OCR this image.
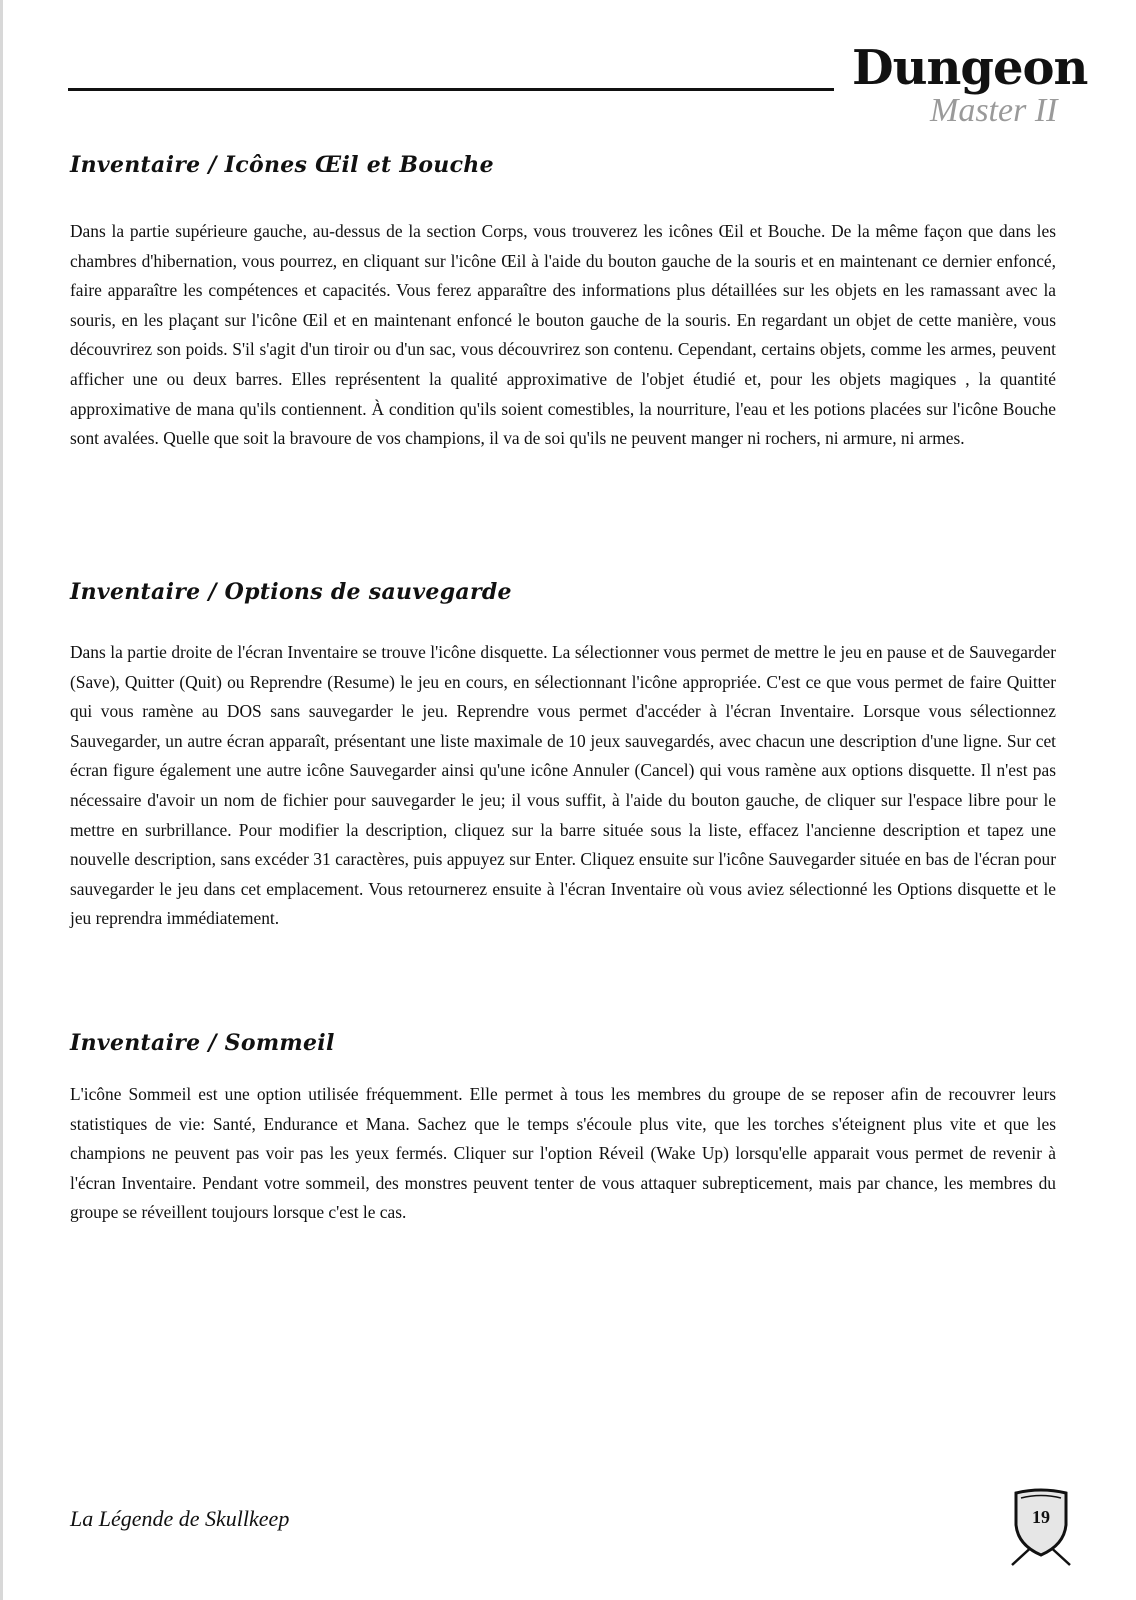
Dungeon
Master II
Inventaire / Icônes Œil et Bouche

Dans la partie supérieure gauche, au-dessus de la section Corps, vous trouverez les icônes Œil et Bouche. De la même façon que dans les chambres d'hibernation, vous pourrez, en cliquant sur l'icône Œil à l'aide du bouton gauche de la souris et en maintenant ce dernier enfoncé, faire apparaître les compétences et capacités. Vous ferez apparaître des informations plus détaillées sur les objets en les ramassant avec la souris, en les plaçant sur l'icône Œil et en maintenant enfoncé le bouton gauche de la souris. En regardant un objet de cette manière, vous découvrirez son poids. S'il s'agit d'un tiroir ou d'un sac, vous découvrirez son contenu. Cependant, certains objets, comme les armes, peuvent afficher une ou deux barres. Elles représentent la qualité approximative de l'objet étudié et, pour les objets magiques , la quantité approximative de mana qu'ils contiennent. À condition qu'ils soient comestibles, la nourriture, l'eau et les potions placées sur l'icône Bouche sont avalées. Quelle que soit la bravoure de vos champions, il va de soi qu'ils ne peuvent manger ni rochers, ni armure, ni armes.

Inventaire / Options de sauvegarde

Dans la partie droite de l'écran Inventaire se trouve l'icône disquette. La sélectionner vous permet de mettre le jeu en pause et de Sauvegarder (Save), Quitter (Quit) ou Reprendre (Resume) le jeu en cours, en sélectionnant l'icône appropriée. C'est ce que vous permet de faire Quitter qui vous ramène au DOS sans sauvegarder le jeu. Reprendre vous permet d'accéder à l'écran Inventaire. Lorsque vous sélectionnez Sauvegarder, un autre écran apparaît, présentant une liste maximale de 10 jeux sauvegardés, avec chacun une description d'une ligne. Sur cet écran figure également une autre icône Sauvegarder ainsi qu'une icône Annuler (Cancel) qui vous ramène aux options disquette. Il n'est pas nécessaire d'avoir un nom de fichier pour sauvegarder le jeu; il vous suffit, à l'aide du bouton gauche, de cliquer sur l'espace libre pour le mettre en surbrillance. Pour modifier la description, cliquez sur la barre située sous la liste, effacez l'ancienne description et tapez une nouvelle description, sans excéder 31 caractères, puis appuyez sur Enter. Cliquez ensuite sur l'icône Sauvegarder située en bas de l'écran pour sauvegarder le jeu dans cet emplacement. Vous retournerez ensuite à l'écran Inventaire où vous aviez sélectionné les Options disquette et le jeu reprendra immédiatement.

Inventaire / Sommeil

L'icône Sommeil est une option utilisée fréquemment. Elle permet à tous les membres du groupe de se reposer afin de recouvrer leurs statistiques de vie: Santé, Endurance et Mana. Sachez que le temps s'écoule plus vite, que les torches s'éteignent plus vite et que les champions ne peuvent pas voir pas les yeux fermés. Cliquer sur l'option Réveil (Wake Up) lorsqu'elle apparait vous permet de revenir à l'écran Inventaire. Pendant votre sommeil, des monstres peuvent tenter de vous attaquer subrepticement, mais par chance, les membres du groupe se réveillent toujours lorsque c'est le cas.

La Légende de Skullkeep	19
